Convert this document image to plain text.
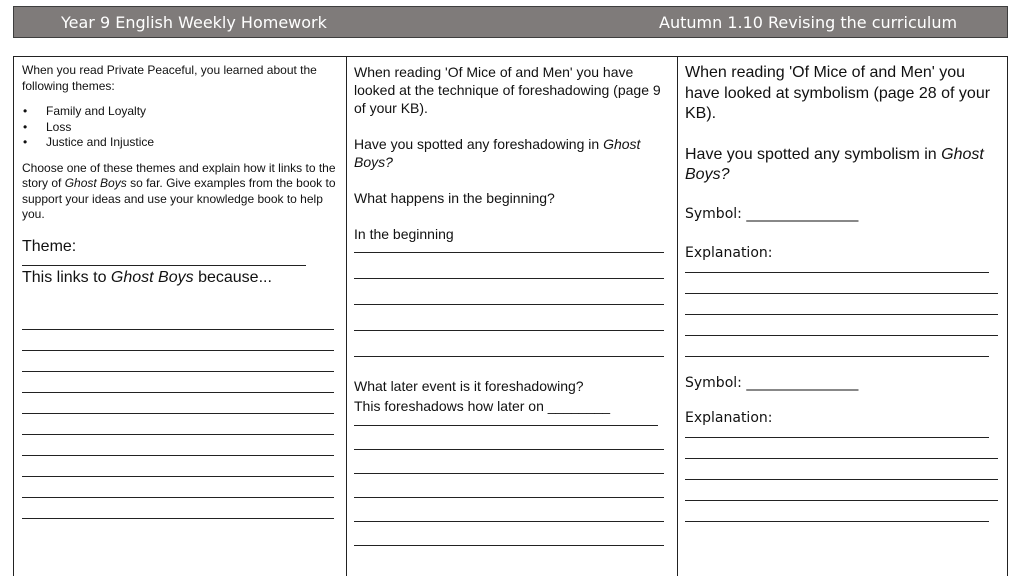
Year 9 English Weekly Homework	Autumn 1.10 Revising the curriculum

When you read Private Peaceful, you learned about the following themes:

• Family and Loyalty
• Loss
• Justice and Injustice

Choose one of these themes and explain how it links to the story of Ghost Boys so far. Give examples from the book to support your ideas and use your knowledge book to help you.

Theme:

This links to Ghost Boys because...

When reading 'Of Mice of and Men' you have looked at the technique of foreshadowing (page 9 of your KB).

Have you spotted any foreshadowing in Ghost Boys?

What happens in the beginning?

In the beginning

What later event is it foreshadowing?

This foreshadows how later on ________

When reading 'Of Mice of and Men' you have looked at symbolism (page 28 of your KB).

Have you spotted any symbolism in Ghost Boys?

Symbol: ________________

Explanation:

Symbol: ________________

Explanation:
